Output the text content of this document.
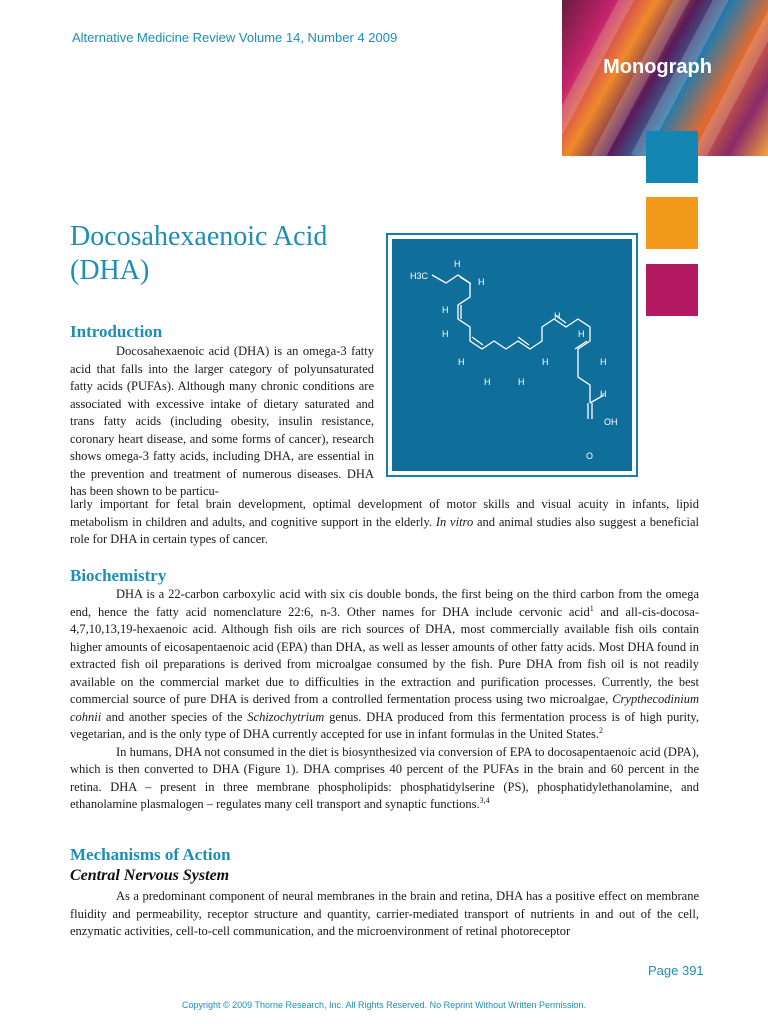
Alternative Medicine Review Volume 14, Number 4 2009
Monograph
Docosahexaenoic Acid (DHA)	H3C
H
H
H
H
H
H	H
H
H
H
H
H
OH
O
Introduction

Docosahexaenoic acid (DHA) is an omega-3 fatty acid that falls into the larger category of polyunsaturated fatty acids (PUFAs). Although many chronic conditions are associated with excessive intake of dietary saturated and trans fatty acids (including obesity, insulin resistance, coronary heart disease, and some forms of cancer), research shows omega-3 fatty acids, including DHA, are essential in the prevention and treatment of numerous diseases. DHA has been shown to be particu-

larly important for fetal brain development, optimal development of motor skills and visual acuity in infants, lipid metabolism in children and adults, and cognitive support in the elderly. In vitro and animal studies also suggest a beneficial role for DHA in certain types of cancer.

Biochemistry

DHA is a 22-carbon carboxylic acid with six cis double bonds, the first being on the third carbon from the omega end, hence the fatty acid nomenclature 22:6, n-3. Other names for DHA include cervonic acid$^1$ and all-cis-docosa-4,7,10,13,19-hexaenoic acid. Although fish oils are rich sources of DHA, most commercially available fish oils contain higher amounts of eicosapentaenoic acid (EPA) than DHA, as well as lesser amounts of other fatty acids. Most DHA found in extracted fish oil preparations is derived from microalgae consumed by the fish. Pure DHA from fish oil is not readily available on the commercial market due to difficulties in the extraction and purification processes. Currently, the best commercial source of pure DHA is derived from a controlled fermentation process using two microalgae, Crypthecodinium cohnii and another species of the Schizochytrium genus. DHA produced from this fermentation process is of high purity, vegetarian, and is the only type of DHA currently accepted for use in infant formulas in the United States.$^2$

In humans, DHA not consumed in the diet is biosynthesized via conversion of EPA to docosapentaenoic acid (DPA), which is then converted to DHA (Figure 1). DHA comprises 40 percent of the PUFAs in the brain and 60 percent in the retina. DHA – present in three membrane phospholipids: phosphatidylserine (PS), phosphatidylethanolamine, and ethanolamine plasmalogen – regulates many cell transport and synaptic functions.$^{3,4}$

Mechanisms of Action
Central Nervous System

As a predominant component of neural membranes in the brain and retina, DHA has a positive effect on membrane fluidity and permeability, receptor structure and quantity, carrier-mediated transport of nutrients in and out of the cell, enzymatic activities, cell-to-cell communication, and the microenvironment of retinal photoreceptor

Page 391
Copyright © 2009 Thorne Research, Inc. All Rights Reserved. No Reprint Without Written Permission.
